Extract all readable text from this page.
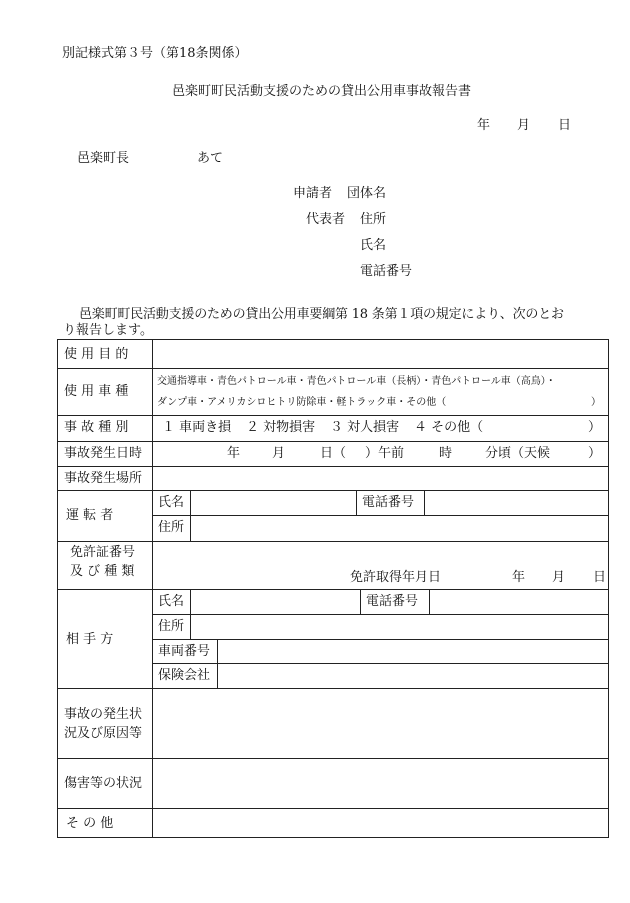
別記様式第３号（第18条関係）
邑楽町町民活動支援のための貸出公用車事故報告書
年 月 日
邑楽町長	あて
申請者 団体名
代表者 住所
氏名
電話番号
邑楽町町民活動支援のための貸出公用車要綱第 18 条第１項の規定により、次のとお
り報告します。
使 用 目 的
使 用 車 種
交通指導車・青色パトロール車・青色パトロール車（長柄）・青色パトロール車（高鳥）・
ダンプ車・アメリカシロヒトリ防除車・軽トラック車・その他（	）
事 故 種 別	１ 車両き損 ２ 対物損害 ３ 対人損害 ４ その他（	）
事故発生日時	年 月	日（ ）午前	時	分頃（天候	）
事故発生場所
運 転 者
氏名	電話番号
住所
免許証番号
及 び 種 類	免許取得年月日	年 月 日
相 手 方
氏名	電話番号
住所
車両番号
保険会社
事故の発生状
況及び原因等
傷害等の状況
そ の 他
